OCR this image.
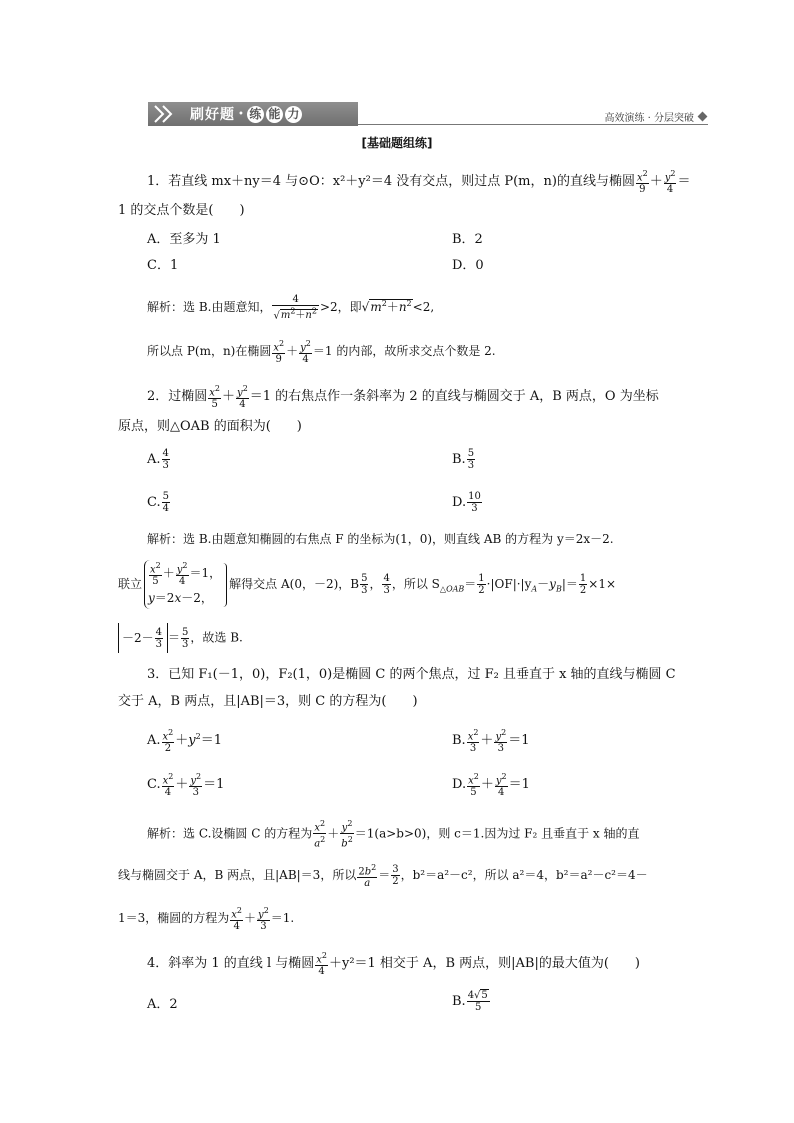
刷好题 • 练 能 力	高效演练 · 分层突破
[基础题组练]
1．若直线 mx＋ny＝4 与⊙O：x²＋y²＝4 没有交点，则过点 P(m，n)的直线与椭圆 $\frac{x^2}{9} + \frac{y^2}{4}$ ＝
1 的交点个数是(　　)
A．至多为 1	B．2
C．1	D．0
解析：选 B.由题意知， $\frac{4}{√m^2+n^2} >2$，即$√m^2+n^2<2$,
所以点 P(m，n)在椭圆 $\frac{x^2}{9} + \frac{y^2}{4} =1$ 的内部，故所求交点个数是 2.
2．过椭圆 $\frac{x^2}{5} + \frac{y^2}{4} =1$ 的右焦点作一条斜率为 2 的直线与椭圆交于 A，B 两点，O 为坐标
原点，则△OAB 的面积为(　　)
A. $\frac{4}{3}$	B. $\frac{5}{3}$
C. $\frac{5}{4}$	D. $\frac{10}{3}$
解析：选 B.由题意知椭圆的右焦点 F 的坐标为(1，0)，则直线 AB 的方程为 y＝2x－2.
联立 $\frac{x^2}{5} + \frac{y^2}{4} =1$，
y＝2x－2，
解得交点 A(0，－2)，B $\frac{5}{3}$ ， $\frac{4}{3}$ ，所以 $S_{\triangle OAB}= \frac{1}{2} \cdot|OF|\cdot|y_A-y_B|= \frac{1}{2} \times 1\times$
$-2- \frac{4}{3} = \frac{5}{3}$ ，故选 B.
3．已知 F₁(－1，0)，F₂(1，0)是椭圆 C 的两个焦点，过 F₂ 且垂直于 x 轴的直线与椭圆 C
交于 A，B 两点，且|AB|＝3，则 C 的方程为(　　)
A. $\frac{x^2}{2} +y^2=1$	B. $\frac{x^2}{3} + \frac{y^2}{3} =1$
C. $\frac{x^2}{4} + \frac{y^2}{3} =1$	D. $\frac{x^2}{5} + \frac{y^2}{4} =1$
解析：选 C.设椭圆 C 的方程为 $\frac{x^2}{a^2} + \frac{y^2}{b^2} =1(a>b>0)$，则 c＝1.因为过 F₂ 且垂直于 x 轴的直
线与椭圆交于 A，B 两点，且|AB|＝3，所以 $\frac{2b^2}{a} = \frac{3}{2}$ ，b²＝a²－c²，所以 a²＝4，b²＝a²－c²＝4－
1＝3，椭圆的方程为 $\frac{x^2}{4} + \frac{y^2}{3} =1$.
4．斜率为 1 的直线 l 与椭圆 $\frac{x^2}{4} +y^2=1$ 相交于 A，B 两点，则|AB|的最大值为(　　)
A．2	B. $\frac{4√5}{5}$
